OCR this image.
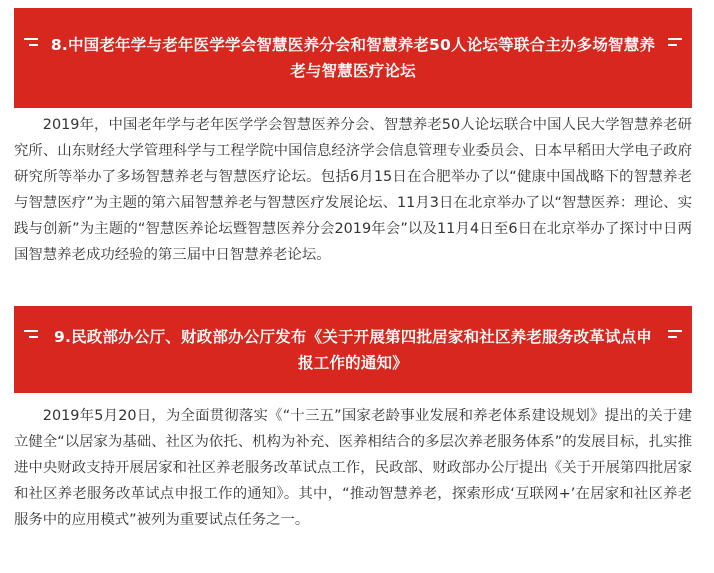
8.中国老年学与老年医学学会智慧医养分会和智慧养老50人论坛等联合主办多场智慧养老与智慧医疗论坛

2019年，中国老年学与老年医学学会智慧医养分会、智慧养老50人论坛联合中国人民大学智慧养老研究所、山东财经大学管理科学与工程学院中国信息经济学会信息管理专业委员会、日本早稻田大学电子政府研究所等举办了多场智慧养老与智慧医疗论坛。包括6月15日在合肥举办了以“健康中国战略下的智慧养老与智慧医疗”为主题的第六届智慧养老与智慧医疗发展论坛、11月3日在北京举办了以“智慧医养：理论、实践与创新”为主题的“智慧医养论坛暨智慧医养分会2019年会”以及11月4日至6日在北京举办了探讨中日两国智慧养老成功经验的第三届中日智慧养老论坛。

9.民政部办公厅、财政部办公厅发布《关于开展第四批居家和社区养老服务改革试点申报工作的通知》

2019年5月20日，为全面贯彻落实《“十三五”国家老龄事业发展和养老体系建设规划》提出的关于建立健全“以居家为基础、社区为依托、机构为补充、医养相结合的多层次养老服务体系”的发展目标，扎实推进中央财政支持开展居家和社区养老服务改革试点工作，民政部、财政部办公厅提出《关于开展第四批居家和社区养老服务改革试点申报工作的通知》。其中，“推动智慧养老，探索形成‘互联网+’在居家和社区养老服务中的应用模式”被列为重要试点任务之一。
